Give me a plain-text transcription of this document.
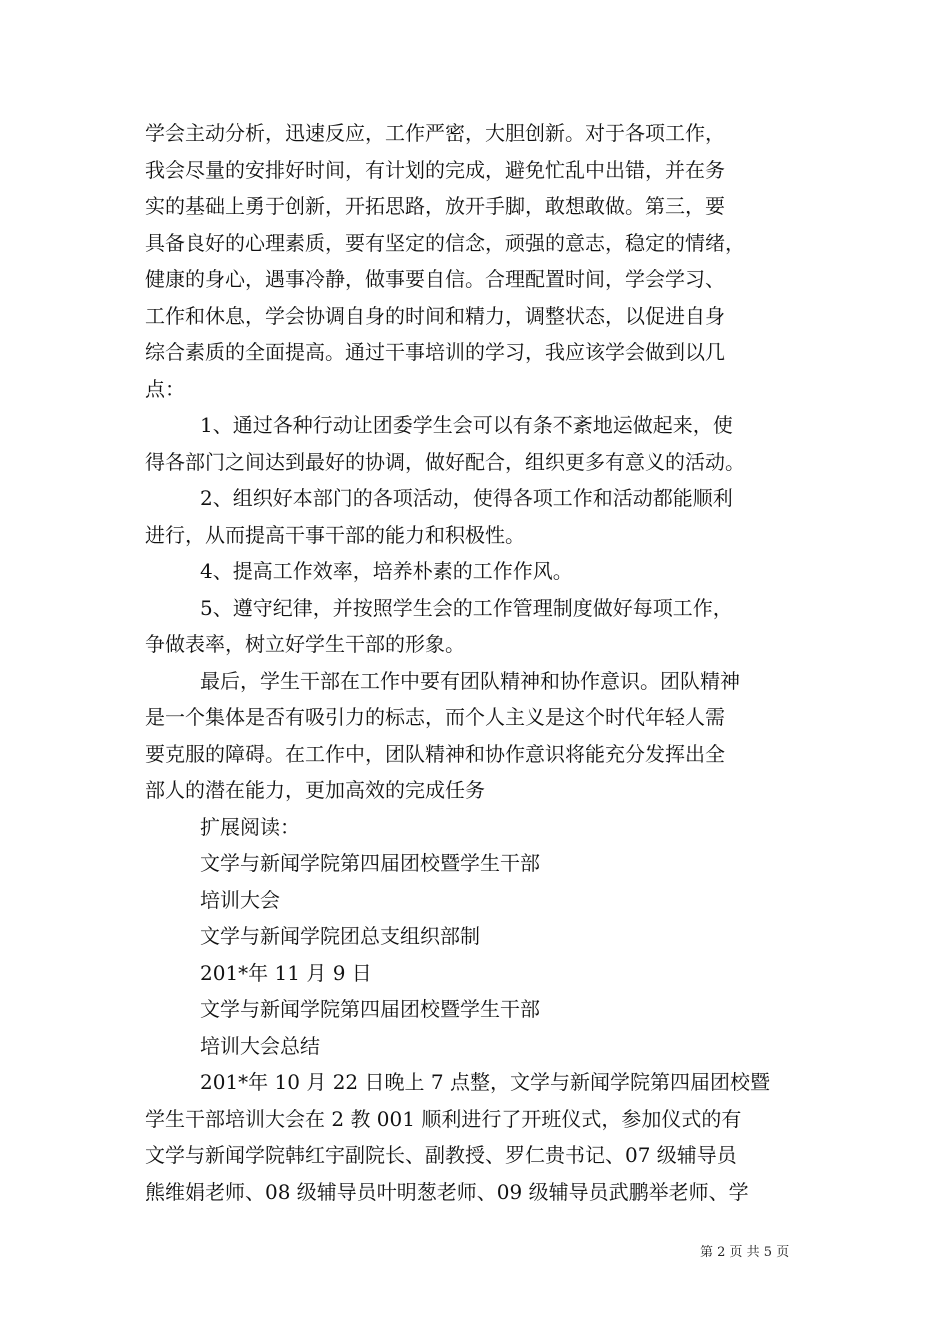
学会主动分析，迅速反应，工作严密，大胆创新。对于各项工作，
我会尽量的安排好时间，有计划的完成，避免忙乱中出错，并在务
实的基础上勇于创新，开拓思路，放开手脚，敢想敢做。第三，要
具备良好的心理素质，要有坚定的信念，顽强的意志，稳定的情绪，
健康的身心，遇事冷静，做事要自信。合理配置时间，学会学习、
工作和休息，学会协调自身的时间和精力，调整状态，以促进自身
综合素质的全面提高。通过干事培训的学习，我应该学会做到以几
点：
1、通过各种行动让团委学生会可以有条不紊地运做起来，使
得各部门之间达到最好的协调，做好配合，组织更多有意义的活动。
2、组织好本部门的各项活动，使得各项工作和活动都能顺利
进行，从而提高干事干部的能力和积极性。
4、提高工作效率，培养朴素的工作作风。
5、遵守纪律，并按照学生会的工作管理制度做好每项工作，
争做表率，树立好学生干部的形象。
最后，学生干部在工作中要有团队精神和协作意识。团队精神
是一个集体是否有吸引力的标志，而个人主义是这个时代年轻人需
要克服的障碍。在工作中，团队精神和协作意识将能充分发挥出全
部人的潜在能力，更加高效的完成任务
扩展阅读：
文学与新闻学院第四届团校暨学生干部
培训大会
文学与新闻学院团总支组织部制
201*年 11 月 9 日
文学与新闻学院第四届团校暨学生干部
培训大会总结
201*年 10 月 22 日晚上 7 点整，文学与新闻学院第四届团校暨
学生干部培训大会在 2 教 001 顺利进行了开班仪式，参加仪式的有
文学与新闻学院韩红宇副院长、副教授、罗仁贵书记、07 级辅导员
熊维娟老师、08 级辅导员叶明葱老师、09 级辅导员武鹏举老师、学
第 2 页 共 5 页
